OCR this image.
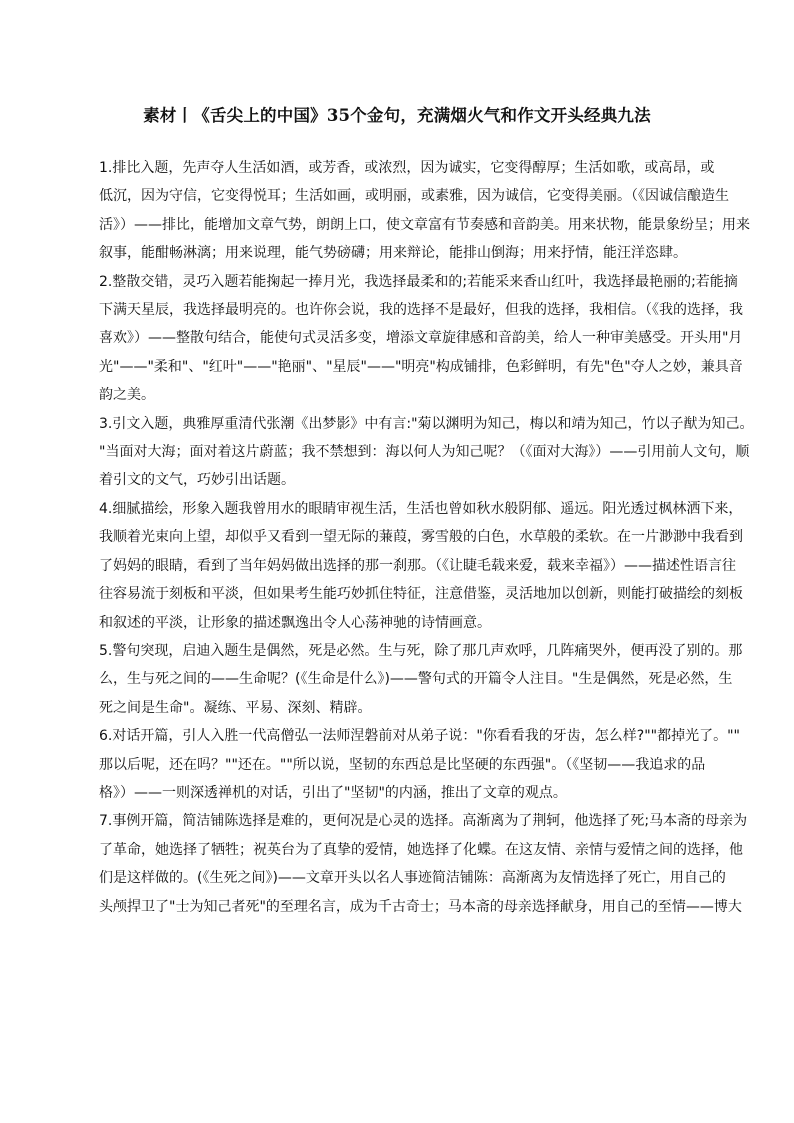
素材丨《舌尖上的中国》35个金句，充满烟火气和作文开头经典九法

1.排比入题，先声夺人生活如酒，或芳香，或浓烈，因为诚实，它变得醇厚；生活如歌，或高昂，或
低沉，因为守信，它变得悦耳；生活如画，或明丽，或素雅，因为诚信，它变得美丽。（《因诚信酿造生
活》）——排比，能增加文章气势，朗朗上口，使文章富有节奏感和音韵美。用来状物，能景象纷呈；用来
叙事，能酣畅淋漓；用来说理，能气势磅礴；用来辩论，能排山倒海；用来抒情，能汪洋恣肆。

2.整散交错，灵巧入题若能掬起一捧月光，我选择最柔和的;若能采来香山红叶，我选择最艳丽的;若能摘
下满天星辰，我选择最明亮的。也许你会说，我的选择不是最好，但我的选择，我相信。（《我的选择，我
喜欢》）——整散句结合，能使句式灵活多变，增添文章旋律感和音韵美，给人一种审美感受。开头用"月
光"——"柔和"、"红叶"——"艳丽"、"星辰"——"明亮"构成铺排，色彩鲜明，有先"色"夺人之妙，兼具音
韵之美。

3.引文入题，典雅厚重清代张潮《出梦影》中有言:"菊以渊明为知己，梅以和靖为知己，竹以子猷为知己。
"当面对大海；面对着这片蔚蓝；我不禁想到：海以何人为知己呢？（《面对大海》）——引用前人文句，顺
着引文的文气，巧妙引出话题。

4.细腻描绘，形象入题我曾用水的眼睛审视生活，生活也曾如秋水般阴郁、遥远。阳光透过枫林洒下来，
我顺着光束向上望，却似乎又看到一望无际的蒹葭，雾雪般的白色，水草般的柔软。在一片渺渺中我看到
了妈妈的眼睛，看到了当年妈妈做出选择的那一刹那。（《让睫毛载来爱，载来幸福》）——描述性语言往
往容易流于刻板和平淡，但如果考生能巧妙抓住特征，注意借鉴，灵活地加以创新，则能打破描绘的刻板
和叙述的平淡，让形象的描述飘逸出令人心荡神驰的诗情画意。

5.警句突现，启迪入题生是偶然，死是必然。生与死，除了那几声欢呼，几阵痛哭外，便再没了别的。那
么，生与死之间的——生命呢？(《生命是什么》)——警句式的开篇令人注目。"生是偶然，死是必然，生
死之间是生命"。凝练、平易、深刻、精辟。

6.对话开篇，引人入胜一代高僧弘一法师涅磐前对从弟子说："你看看我的牙齿，怎么样?""都掉光了。""
那以后呢，还在吗？""还在。""所以说，坚韧的东西总是比坚硬的东西强"。（《坚韧——我追求的品
格》）——一则深透禅机的对话，引出了"坚韧"的内涵，推出了文章的观点。

7.事例开篇，简洁铺陈选择是难的，更何况是心灵的选择。高渐离为了荆轲，他选择了死;马本斋的母亲为
了革命，她选择了牺牲；祝英台为了真挚的爱情，她选择了化蝶。在这友情、亲情与爱情之间的选择，他
们是这样做的。(《生死之间》)——文章开头以名人事迹简洁铺陈：高渐离为友情选择了死亡，用自己的
头颅捍卫了"士为知己者死"的至理名言，成为千古奇士；马本斋的母亲选择献身，用自己的至情——博大
